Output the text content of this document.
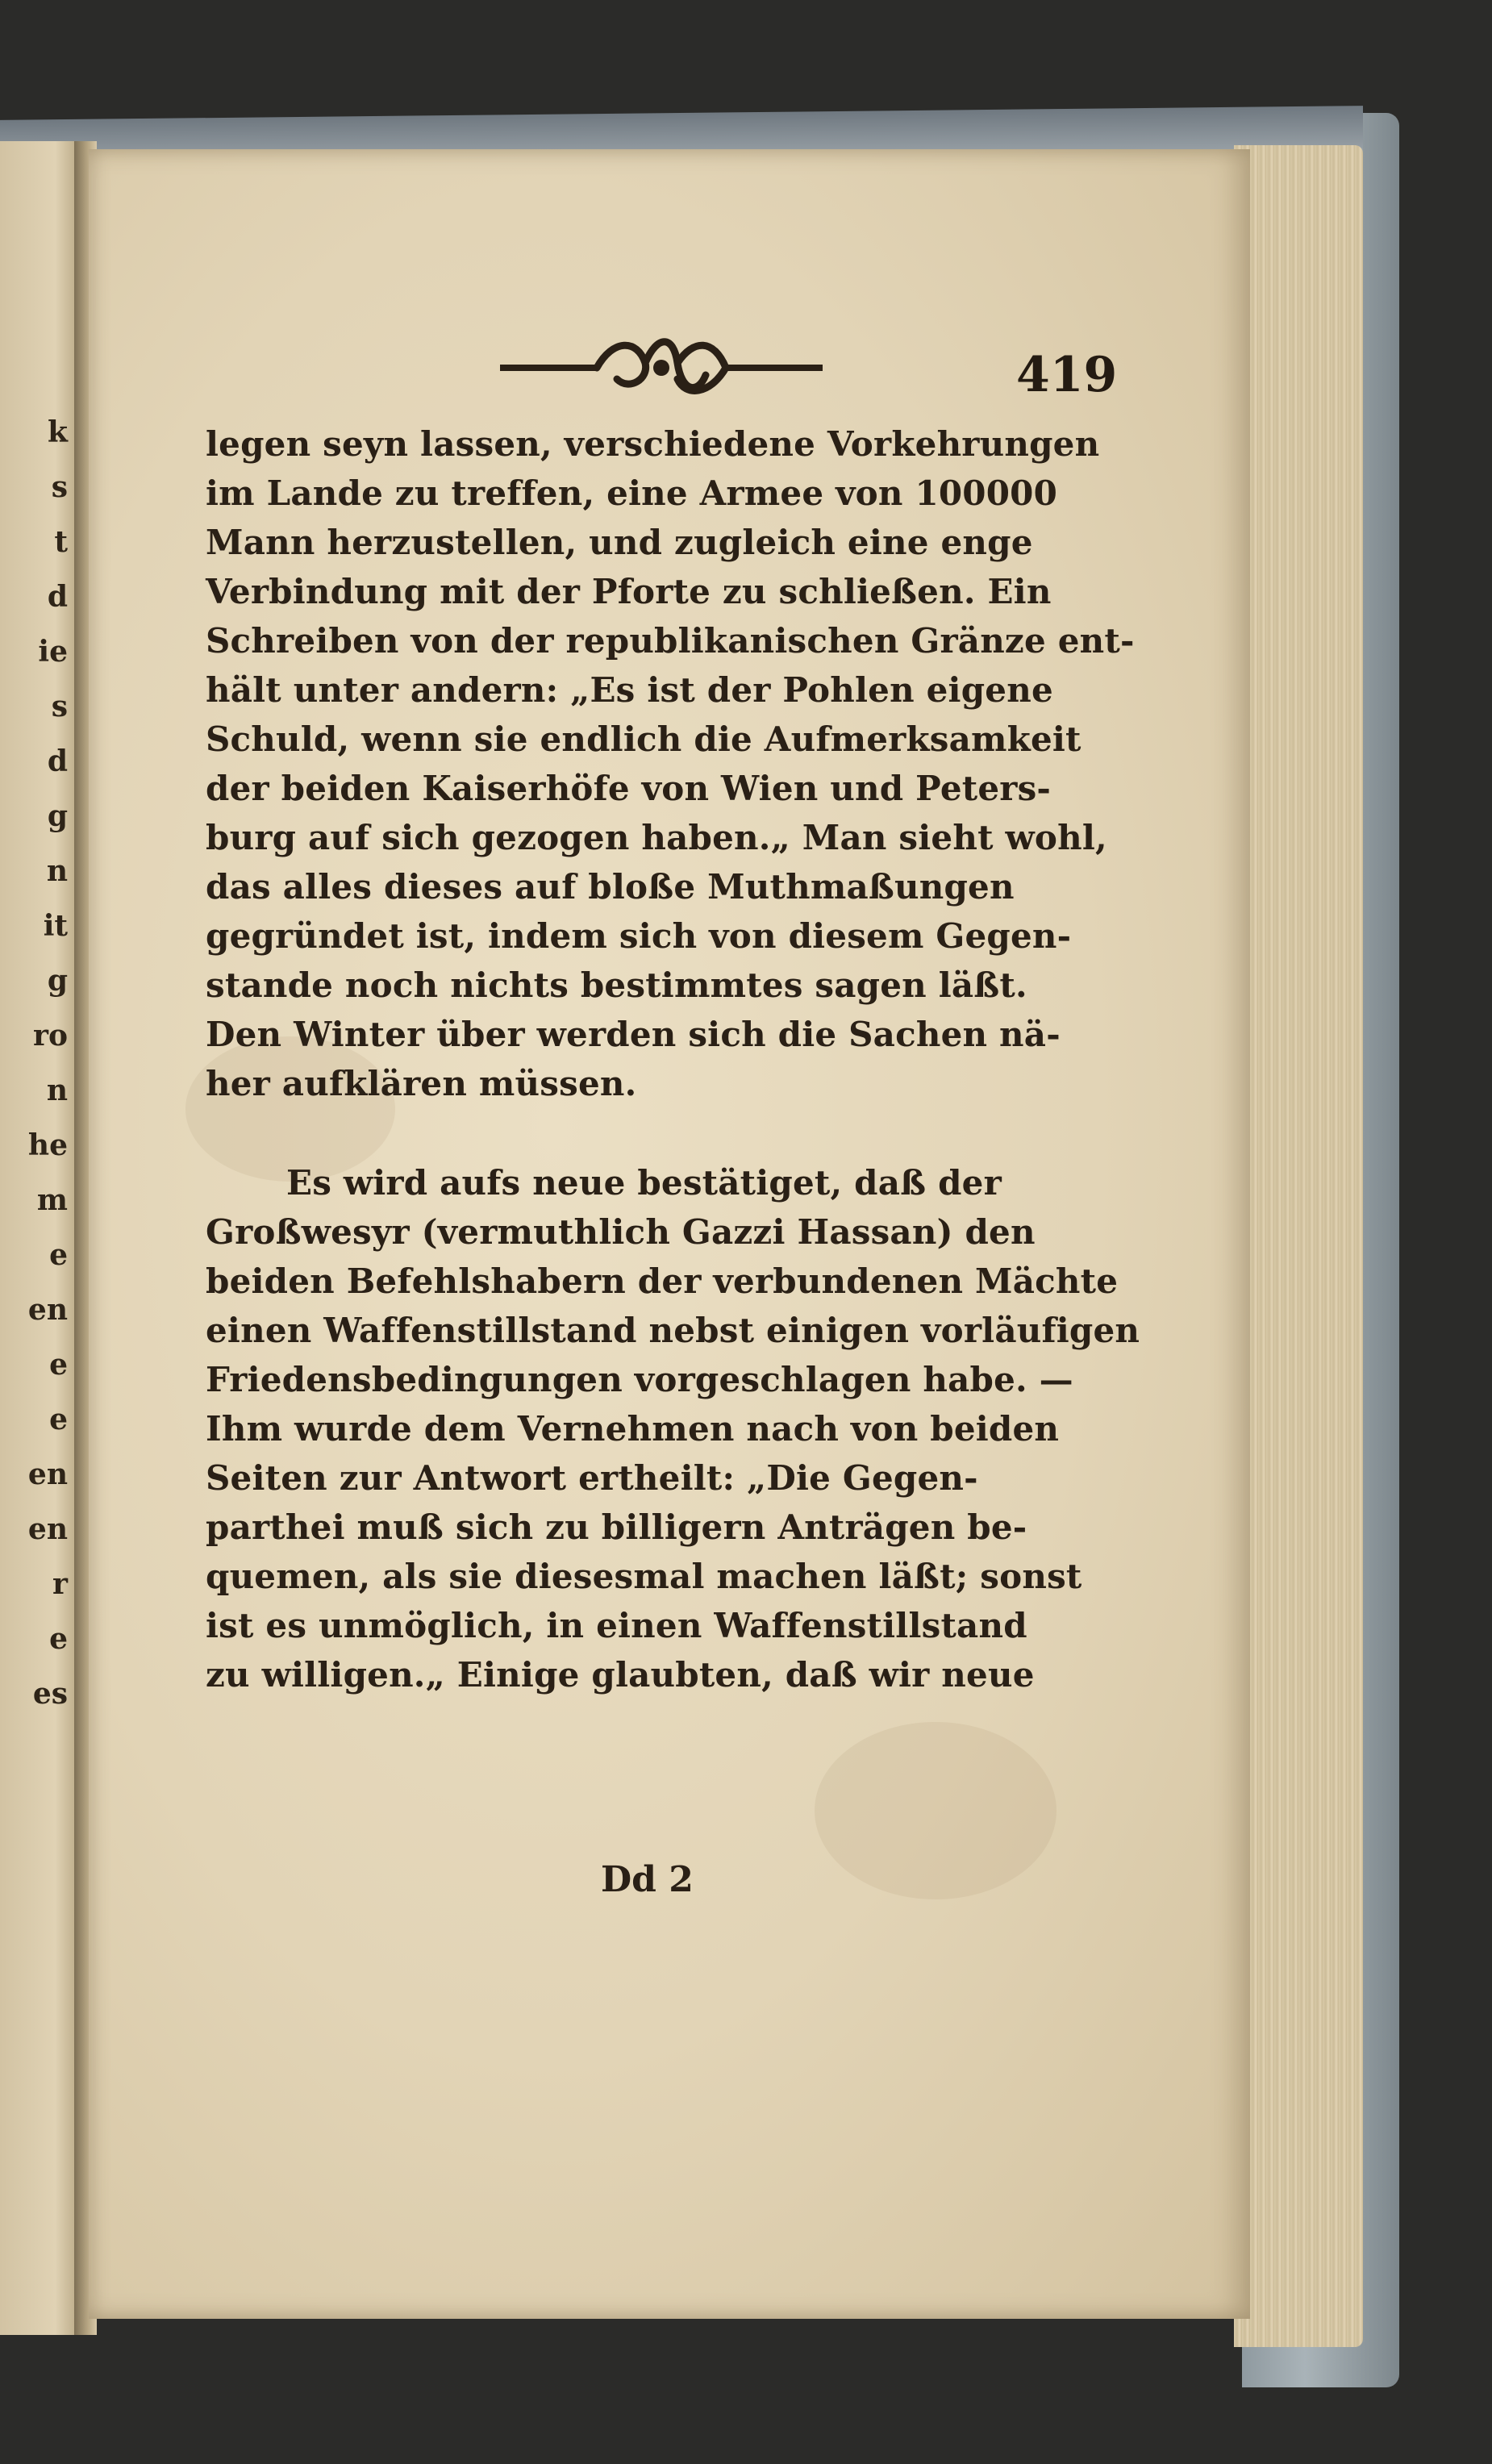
k
s
t
d
ie
s
d
g
n
it
g
ro
n
he
m
e
en
e
e
en
en
r
e
es
419
legen seyn lassen, verschiedene Vorkehrungen
im Lande zu treffen, eine Armee von 100000
Mann herzustellen, und zugleich eine enge
Verbindung mit der Pforte zu schließen. Ein
Schreiben von der republikanischen Gränze ent-
hält unter andern: „Es ist der Pohlen eigene
Schuld, wenn sie endlich die Aufmerksamkeit
der beiden Kaiserhöfe von Wien und Peters-
burg auf sich gezogen haben.„ Man sieht wohl,
das alles dieses auf bloße Muthmaßungen
gegründet ist, indem sich von diesem Gegen-
stande noch nichts bestimmtes sagen läßt.
Den Winter über werden sich die Sachen nä-
her aufklären müssen.
Es wird aufs neue bestätiget, daß der
Großwesyr (vermuthlich Gazzi Hassan) den
beiden Befehlshabern der verbundenen Mächte
einen Waffenstillstand nebst einigen vorläufigen
Friedensbedingungen vorgeschlagen habe. —
Ihm wurde dem Vernehmen nach von beiden
Seiten zur Antwort ertheilt: „Die Gegen-
parthei muß sich zu billigern Anträgen be-
quemen, als sie diesesmal machen läßt; sonst
ist es unmöglich, in einen Waffenstillstand
zu willigen.„ Einige glaubten, daß wir neue
Dd 2
